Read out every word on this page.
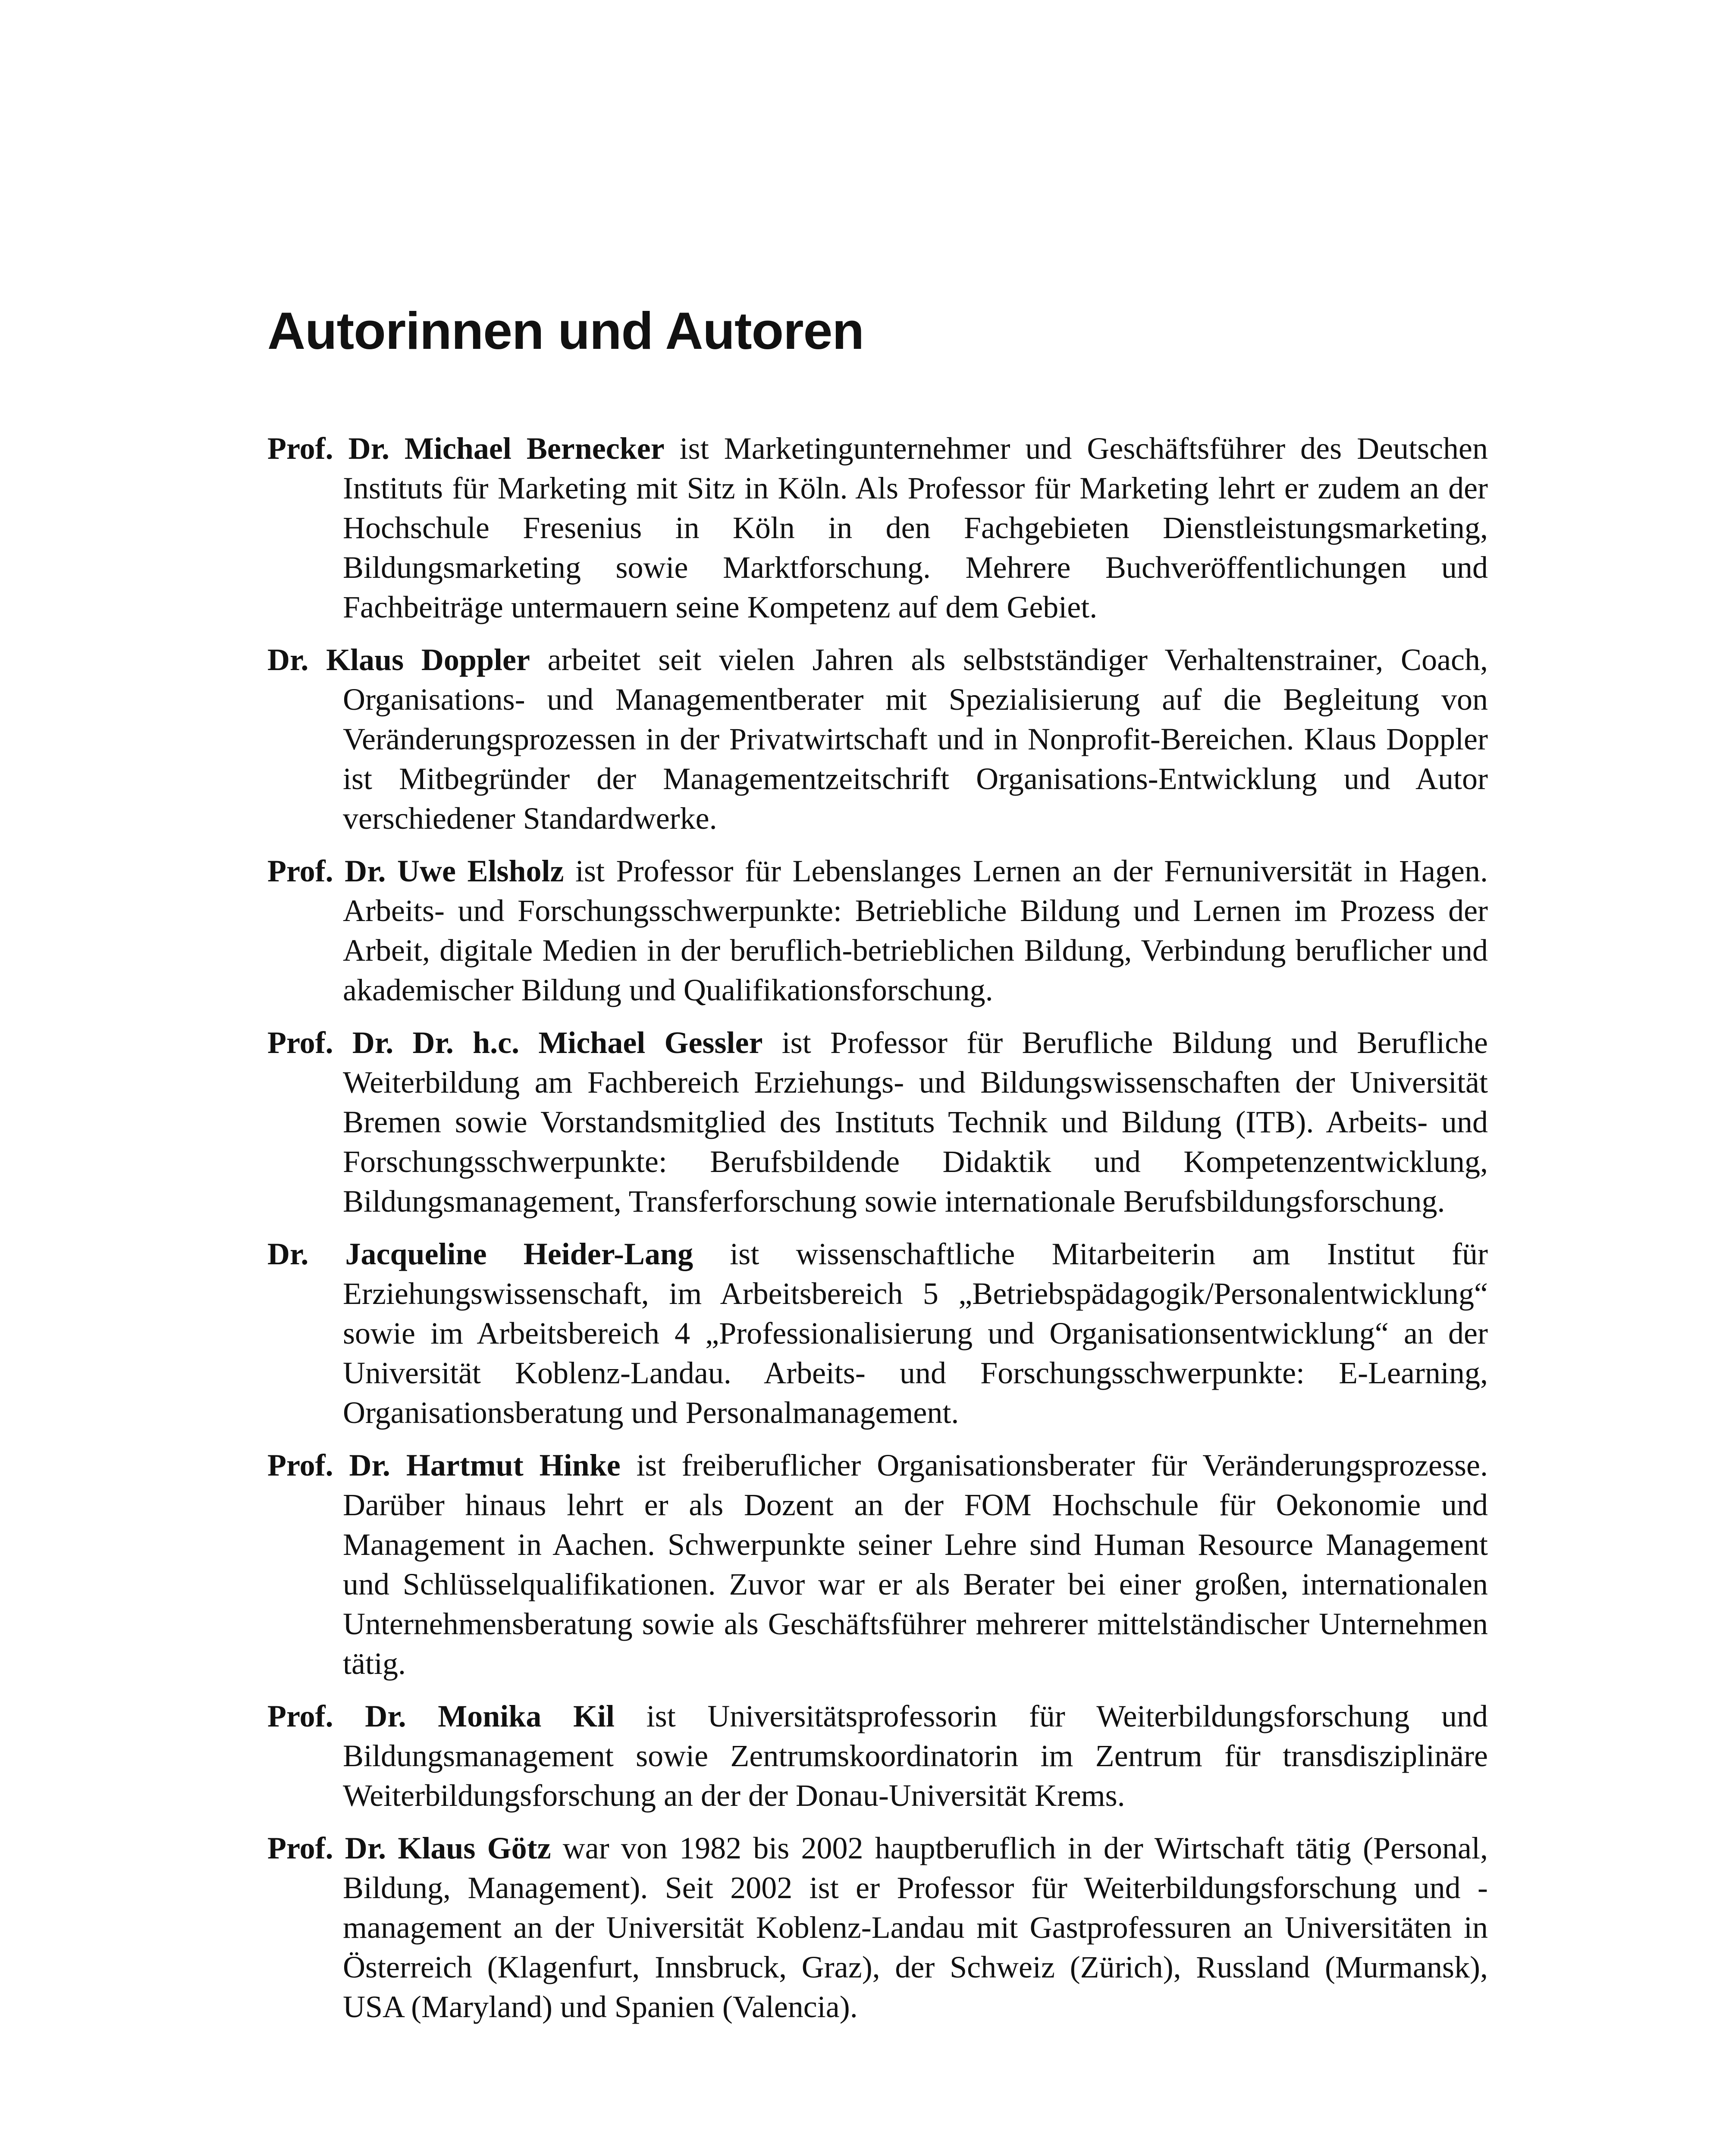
Autorinnen und Autoren

Prof. Dr. Michael Bernecker ist Marketingunternehmer und Geschäftsführer des Deutschen Instituts für Marketing mit Sitz in Köln. Als Professor für Marketing lehrt er zudem an der Hochschule Fresenius in Köln in den Fachgebieten Dienstleistungsmarketing, Bildungsmarketing sowie Marktforschung. Mehrere Buchveröffentlichungen und Fachbeiträge untermauern seine Kompetenz auf dem Gebiet.

Dr. Klaus Doppler arbeitet seit vielen Jahren als selbstständiger Verhaltenstrainer, Coach, Organisations- und Managementberater mit Spezialisierung auf die Begleitung von Veränderungsprozessen in der Privatwirtschaft und in Nonprofit-Bereichen. Klaus Doppler ist Mitbegründer der Managementzeitschrift Organisations-Entwicklung und Autor verschiedener Standardwerke.

Prof. Dr. Uwe Elsholz ist Professor für Lebenslanges Lernen an der Fernuniversität in Hagen. Arbeits- und Forschungsschwerpunkte: Betriebliche Bildung und Lernen im Prozess der Arbeit, digitale Medien in der beruflich-betrieblichen Bildung, Verbindung beruflicher und akademischer Bildung und Qualifikationsforschung.

Prof. Dr. Dr. h.c. Michael Gessler ist Professor für Berufliche Bildung und Berufliche Weiterbildung am Fachbereich Erziehungs- und Bildungswissenschaften der Universität Bremen sowie Vorstandsmitglied des Instituts Technik und Bildung (ITB). Arbeits- und Forschungsschwerpunkte: Berufsbildende Didaktik und Kompetenzentwicklung, Bildungsmanagement, Transferforschung sowie internationale Berufsbildungsforschung.

Dr. Jacqueline Heider-Lang ist wissenschaftliche Mitarbeiterin am Institut für Erziehungswissenschaft, im Arbeitsbereich 5 „Betriebspädagogik/Personalentwicklung“ sowie im Arbeitsbereich 4 „Professionalisierung und Organisationsentwicklung“ an der Universität Koblenz-Landau. Arbeits- und Forschungsschwerpunkte: E-Learning, Organisationsberatung und Personalmanagement.

Prof. Dr. Hartmut Hinke ist freiberuflicher Organisationsberater für Veränderungsprozesse. Darüber hinaus lehrt er als Dozent an der FOM Hochschule für Oekonomie und Management in Aachen. Schwerpunkte seiner Lehre sind Human Resource Management und Schlüsselqualifikationen. Zuvor war er als Berater bei einer großen, internationalen Unternehmensberatung sowie als Geschäftsführer mehrerer mittelständischer Unternehmen tätig.

Prof. Dr. Monika Kil ist Universitätsprofessorin für Weiterbildungsforschung und Bildungsmanagement sowie Zentrumskoordinatorin im Zentrum für transdisziplinäre Weiterbildungsforschung an der der Donau-Universität Krems.

Prof. Dr. Klaus Götz war von 1982 bis 2002 hauptberuflich in der Wirtschaft tätig (Personal, Bildung, Management). Seit 2002 ist er Professor für Weiterbildungsforschung und -management an der Universität Koblenz-Landau mit Gastprofessuren an Universitäten in Österreich (Klagenfurt, Innsbruck, Graz), der Schweiz (Zürich), Russland (Murmansk), USA (Maryland) und Spanien (Valencia).
